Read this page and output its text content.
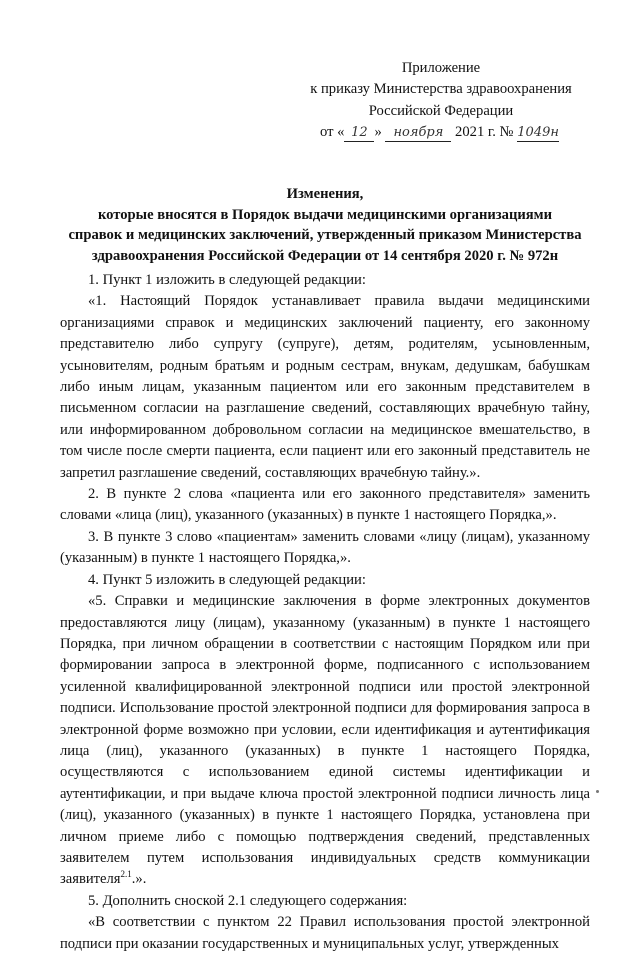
Приложение
к приказу Министерства здравоохранения
Российской Федерации
от « 12 » ноября 2021 г. № 1049н
Изменения,
которые вносятся в Порядок выдачи медицинскими организациями
справок и медицинских заключений, утвержденный приказом Министерства
здравоохранения Российской Федерации от 14 сентября 2020 г. № 972н

1. Пункт 1 изложить в следующей редакции:

«1. Настоящий Порядок устанавливает правила выдачи медицинскими организациями справок и медицинских заключений пациенту, его законному представителю либо супругу (супруге), детям, родителям, усыновленным, усыновителям, родным братьям и родным сестрам, внукам, дедушкам, бабушкам либо иным лицам, указанным пациентом или его законным представителем в письменном согласии на разглашение сведений, составляющих врачебную тайну, или информированном добровольном согласии на медицинское вмешательство, в том числе после смерти пациента, если пациент или его законный представитель не запретил разглашение сведений, составляющих врачебную тайну.».

2. В пункте 2 слова «пациента или его законного представителя» заменить словами «лица (лиц), указанного (указанных) в пункте 1 настоящего Порядка,».

3. В пункте 3 слово «пациентам» заменить словами «лицу (лицам), указанному (указанным) в пункте 1 настоящего Порядка,».

4. Пункт 5 изложить в следующей редакции:

«5. Справки и медицинские заключения в форме электронных документов предоставляются лицу (лицам), указанному (указанным) в пункте 1 настоящего Порядка, при личном обращении в соответствии с настоящим Порядком или при формировании запроса в электронной форме, подписанного с использованием усиленной квалифицированной электронной подписи или простой электронной подписи. Использование простой электронной подписи для формирования запроса в электронной форме возможно при условии, если идентификация и аутентификация лица (лиц), указанного (указанных) в пункте 1 настоящего Порядка, осуществляются с использованием единой системы идентификации и аутентификации, и при выдаче ключа простой электронной подписи личность лица (лиц), указанного (указанных) в пункте 1 настоящего Порядка, установлена при личном приеме либо с помощью подтверждения сведений, представленных заявителем путем использования индивидуальных средств коммуникации заявителя$^{2.1}$.».

5. Дополнить сноской 2.1 следующего содержания:

«В соответствии с пунктом 22 Правил использования простой электронной подписи при оказании государственных и муниципальных услуг, утвержденных
